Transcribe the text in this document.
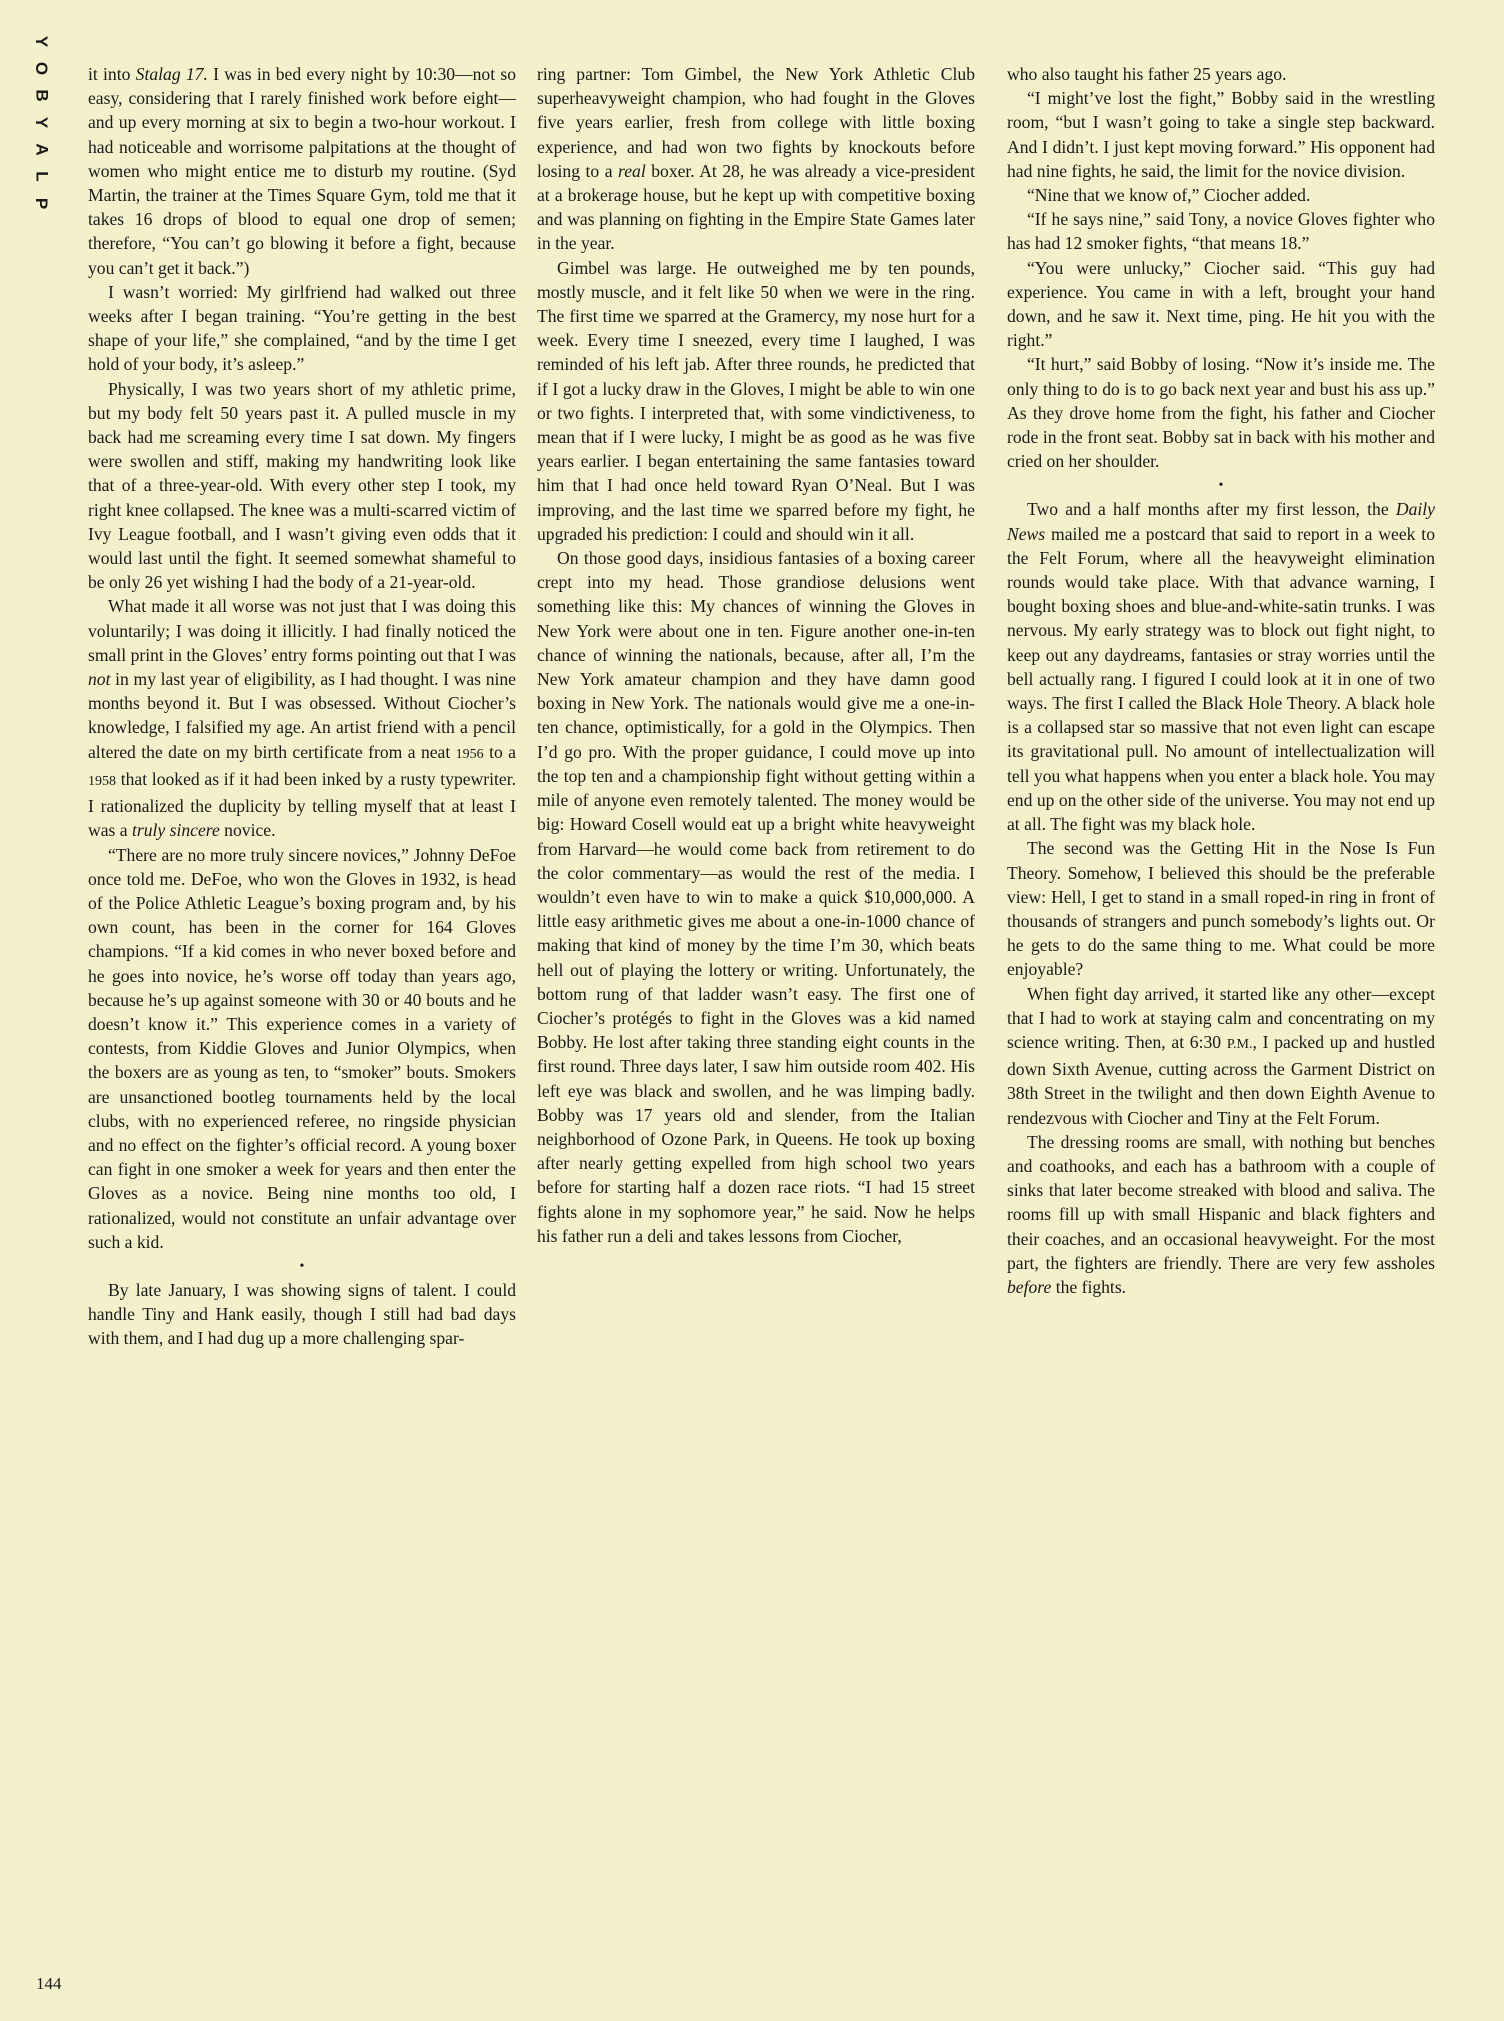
Y
O
B
Y
A
L
P
144

it into Stalag 17. I was in bed every night by 10:30—not so easy, considering that I rarely finished work before eight—and up every morning at six to begin a two-hour workout. I had noticeable and worrisome palpitations at the thought of women who might entice me to disturb my routine. (Syd Martin, the trainer at the Times Square Gym, told me that it takes 16 drops of blood to equal one drop of semen; therefore, “You can’t go blowing it before a fight, because you can’t get it back.”)

I wasn’t worried: My girlfriend had walked out three weeks after I began training. “You’re getting in the best shape of your life,” she complained, “and by the time I get hold of your body, it’s asleep.”

Physically, I was two years short of my athletic prime, but my body felt 50 years past it. A pulled muscle in my back had me screaming every time I sat down. My fingers were swollen and stiff, making my handwriting look like that of a three-year-old. With every other step I took, my right knee collapsed. The knee was a multi-scarred victim of Ivy League football, and I wasn’t giving even odds that it would last until the fight. It seemed somewhat shameful to be only 26 yet wishing I had the body of a 21-year-old.

What made it all worse was not just that I was doing this voluntarily; I was doing it illicitly. I had finally noticed the small print in the Gloves’ entry forms pointing out that I was not in my last year of eligibility, as I had thought. I was nine months beyond it. But I was obsessed. Without Ciocher’s knowledge, I falsified my age. An artist friend with a pencil altered the date on my birth certificate from a neat 1956 to a 1958 that looked as if it had been inked by a rusty typewriter. I rationalized the duplicity by telling myself that at least I was a truly sincere novice.

“There are no more truly sincere novices,” Johnny DeFoe once told me. DeFoe, who won the Gloves in 1932, is head of the Police Athletic League’s boxing program and, by his own count, has been in the corner for 164 Gloves champions. “If a kid comes in who never boxed before and he goes into novice, he’s worse off today than years ago, because he’s up against someone with 30 or 40 bouts and he doesn’t know it.” This experience comes in a variety of contests, from Kiddie Gloves and Junior Olympics, when the boxers are as young as ten, to “smoker” bouts. Smokers are unsanctioned bootleg tournaments held by the local clubs, with no experienced referee, no ringside physician and no effect on the fighter’s official record. A young boxer can fight in one smoker a week for years and then enter the Gloves as a novice. Being nine months too old, I rationalized, would not constitute an unfair advantage over such a kid.

•

By late January, I was showing signs of talent. I could handle Tiny and Hank easily, though I still had bad days with them, and I had dug up a more challenging spar-

ring partner: Tom Gimbel, the New York Athletic Club superheavyweight champion, who had fought in the Gloves five years earlier, fresh from college with little boxing experience, and had won two fights by knockouts before losing to a real boxer. At 28, he was already a vice-president at a brokerage house, but he kept up with competitive boxing and was planning on fighting in the Empire State Games later in the year.

Gimbel was large. He outweighed me by ten pounds, mostly muscle, and it felt like 50 when we were in the ring. The first time we sparred at the Gramercy, my nose hurt for a week. Every time I sneezed, every time I laughed, I was reminded of his left jab. After three rounds, he predicted that if I got a lucky draw in the Gloves, I might be able to win one or two fights. I interpreted that, with some vindictiveness, to mean that if I were lucky, I might be as good as he was five years earlier. I began entertaining the same fantasies toward him that I had once held toward Ryan O’Neal. But I was improving, and the last time we sparred before my fight, he upgraded his prediction: I could and should win it all.

On those good days, insidious fantasies of a boxing career crept into my head. Those grandiose delusions went something like this: My chances of winning the Gloves in New York were about one in ten. Figure another one-in-ten chance of winning the nationals, because, after all, I’m the New York amateur champion and they have damn good boxing in New York. The nationals would give me a one-in-ten chance, optimistically, for a gold in the Olympics. Then I’d go pro. With the proper guidance, I could move up into the top ten and a championship fight without getting within a mile of anyone even remotely talented. The money would be big: Howard Cosell would eat up a bright white heavyweight from Harvard—he would come back from retirement to do the color commentary—as would the rest of the media. I wouldn’t even have to win to make a quick $10,000,000. A little easy arithmetic gives me about a one-in-1000 chance of making that kind of money by the time I’m 30, which beats hell out of playing the lottery or writing. Unfortunately, the bottom rung of that ladder wasn’t easy. The first one of Ciocher’s protégés to fight in the Gloves was a kid named Bobby. He lost after taking three standing eight counts in the first round. Three days later, I saw him outside room 402. His left eye was black and swollen, and he was limping badly. Bobby was 17 years old and slender, from the Italian neighborhood of Ozone Park, in Queens. He took up boxing after nearly getting expelled from high school two years before for starting half a dozen race riots. “I had 15 street fights alone in my sophomore year,” he said. Now he helps his father run a deli and takes lessons from Ciocher,

who also taught his father 25 years ago.

“I might’ve lost the fight,” Bobby said in the wrestling room, “but I wasn’t going to take a single step backward. And I didn’t. I just kept moving forward.” His opponent had had nine fights, he said, the limit for the novice division.

“Nine that we know of,” Ciocher added.

“If he says nine,” said Tony, a novice Gloves fighter who has had 12 smoker fights, “that means 18.”

“You were unlucky,” Ciocher said. “This guy had experience. You came in with a left, brought your hand down, and he saw it. Next time, ping. He hit you with the right.”

“It hurt,” said Bobby of losing. “Now it’s inside me. The only thing to do is to go back next year and bust his ass up.” As they drove home from the fight, his father and Ciocher rode in the front seat. Bobby sat in back with his mother and cried on her shoulder.

•

Two and a half months after my first lesson, the Daily News mailed me a postcard that said to report in a week to the Felt Forum, where all the heavyweight elimination rounds would take place. With that advance warning, I bought boxing shoes and blue-and-white-satin trunks. I was nervous. My early strategy was to block out fight night, to keep out any daydreams, fantasies or stray worries until the bell actually rang. I figured I could look at it in one of two ways. The first I called the Black Hole Theory. A black hole is a collapsed star so massive that not even light can escape its gravitational pull. No amount of intellectualization will tell you what happens when you enter a black hole. You may end up on the other side of the universe. You may not end up at all. The fight was my black hole.

The second was the Getting Hit in the Nose Is Fun Theory. Somehow, I believed this should be the preferable view: Hell, I get to stand in a small roped-in ring in front of thousands of strangers and punch somebody’s lights out. Or he gets to do the same thing to me. What could be more enjoyable?

When fight day arrived, it started like any other—except that I had to work at staying calm and concentrating on my science writing. Then, at 6:30 P.M., I packed up and hustled down Sixth Avenue, cutting across the Garment District on 38th Street in the twilight and then down Eighth Avenue to rendezvous with Ciocher and Tiny at the Felt Forum.

The dressing rooms are small, with nothing but benches and coathooks, and each has a bathroom with a couple of sinks that later become streaked with blood and saliva. The rooms fill up with small Hispanic and black fighters and their coaches, and an occasional heavyweight. For the most part, the fighters are friendly. There are very few assholes before the fights.
